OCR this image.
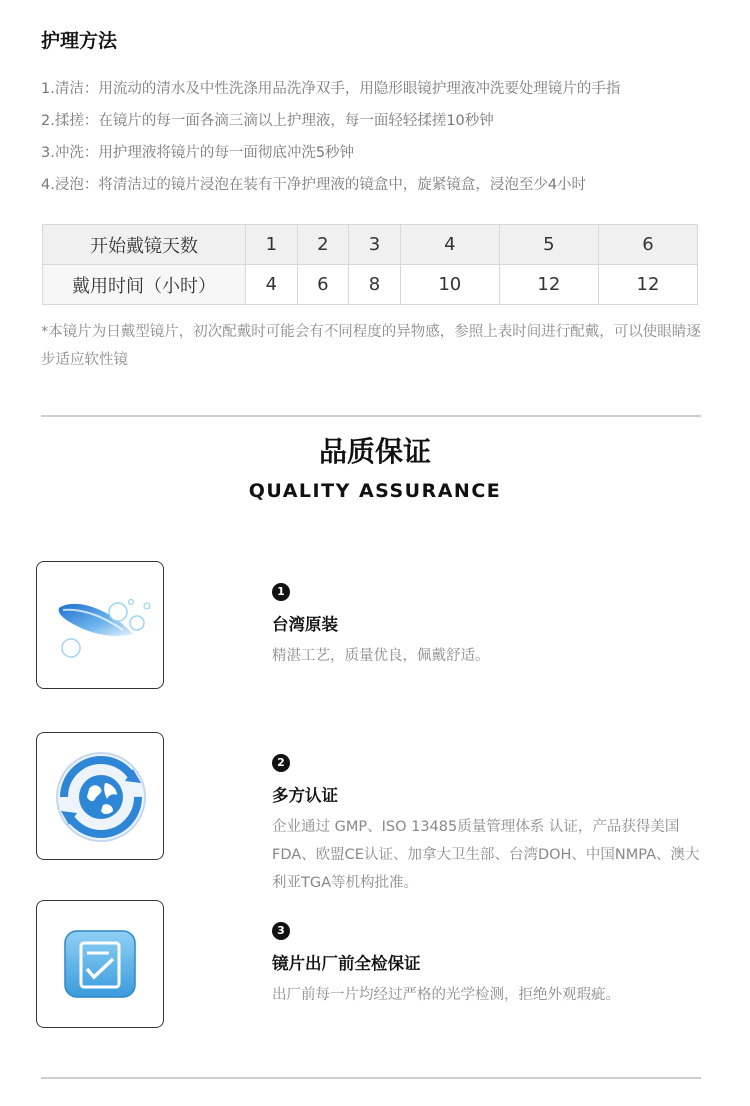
护理方法
1.清洁：用流动的清水及中性洗涤用品洗净双手，用隐形眼镜护理液冲洗要处理镜片的手指
2.揉搓：在镜片的每一面各滴三滴以上护理液，每一面轻轻揉搓10秒钟
3.冲洗：用护理液将镜片的每一面彻底冲洗5秒钟
4.浸泡：将清洁过的镜片浸泡在装有干净护理液的镜盒中，旋紧镜盒，浸泡至少4小时
开始戴镜天数	1	2	3	4	5	6
戴用时间（小时）	4	6	8	10	12	12
*本镜片为日戴型镜片，初次配戴时可能会有不同程度的异物感，参照上表时间进行配戴，可以使眼睛逐步适应软性镜
品质保证
QUALITY ASSURANCE
1
台湾原装
精湛工艺，质量优良，佩戴舒适。
2
多方认证
企业通过 GMP、ISO 13485质量管理体系 认证，产品获得美国FDA、欧盟CE认证、加拿大卫生部、台湾DOH、中国NMPA、澳大利亚TGA等机构批准。
3
镜片出厂前全检保证
出厂前每一片均经过严格的光学检测，拒绝外观瑕疵。
